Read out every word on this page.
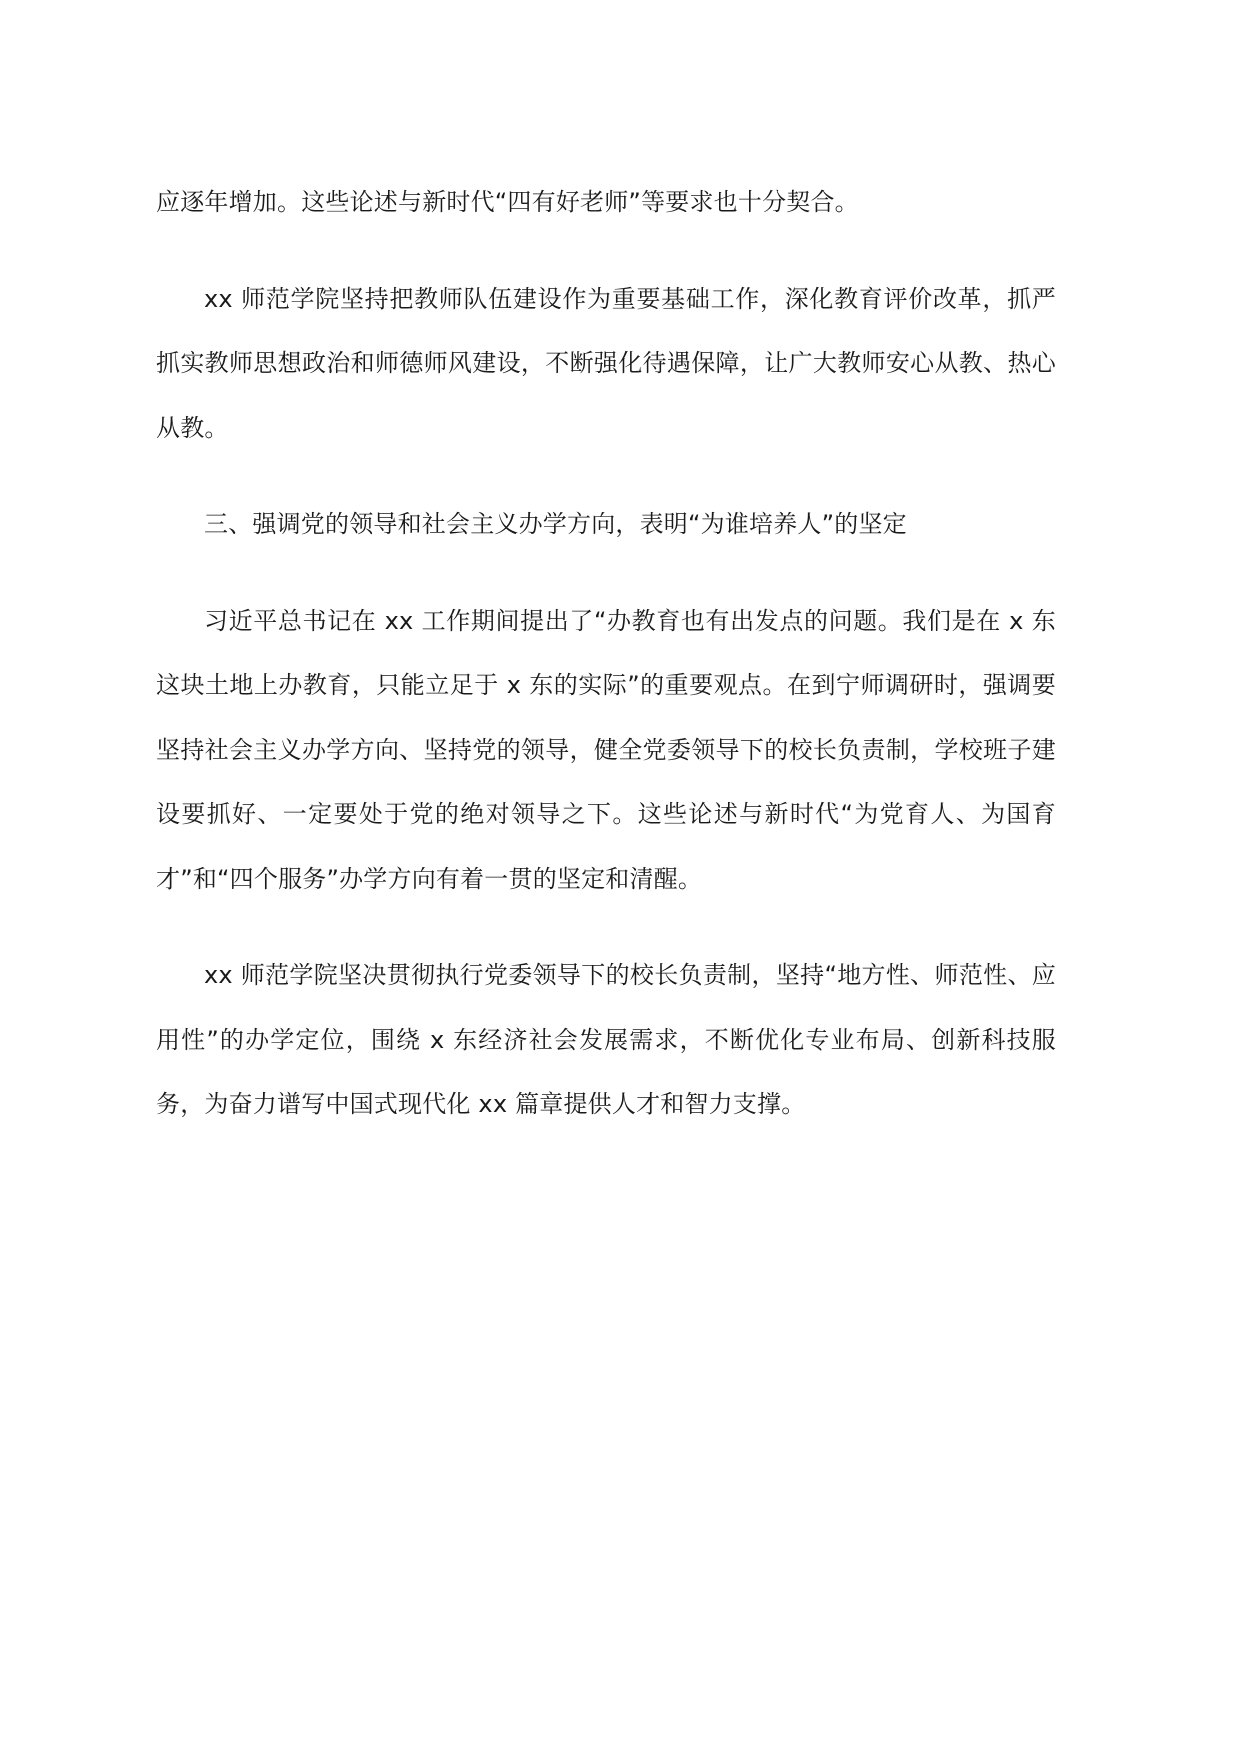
应逐年增加。这些论述与新时代“四有好老师”等要求也十分契合。

xx 师范学院坚持把教师队伍建设作为重要基础工作，深化教育评价改革，抓严抓实教师思想政治和师德师风建设，不断强化待遇保障，让广大教师安心从教、热心从教。

三、强调党的领导和社会主义办学方向，表明“为谁培养人”的坚定

习近平总书记在 xx 工作期间提出了“办教育也有出发点的问题。我们是在 x 东这块土地上办教育，只能立足于 x 东的实际”的重要观点。在到宁师调研时，强调要坚持社会主义办学方向、坚持党的领导，健全党委领导下的校长负责制，学校班子建设要抓好、一定要处于党的绝对领导之下。这些论述与新时代“为党育人、为国育才”和“四个服务”办学方向有着一贯的坚定和清醒。

xx 师范学院坚决贯彻执行党委领导下的校长负责制，坚持“地方性、师范性、应用性”的办学定位，围绕 x 东经济社会发展需求，不断优化专业布局、创新科技服务，为奋力谱写中国式现代化 xx 篇章提供人才和智力支撑。
